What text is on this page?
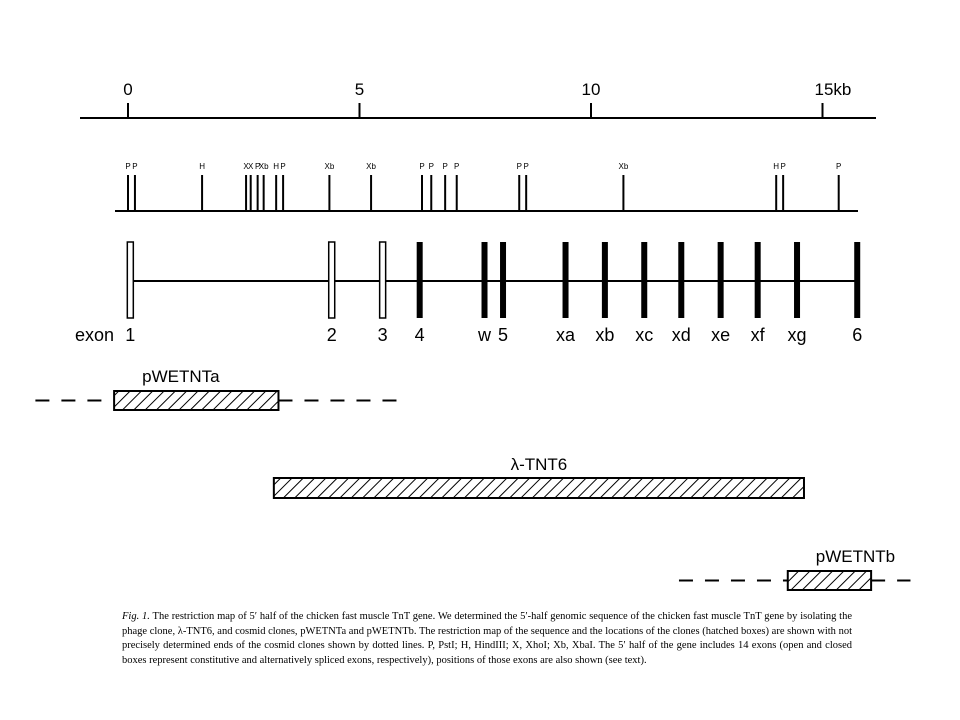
0	5	10	15kb
P P	H	X X P
Xb H P	Xb	Xb	P P P P	P P	Xb	H P	P
1	2 3 4	w 5	xa xb xc xd xe xf xg	6
exon
pWETNTa
λ-TNT6
pWETNTb

Fig. 1. The restriction map of 5′ half of the chicken fast muscle TnT gene. We determined the 5′-half genomic sequence of the chicken fast muscle TnT gene by isolating the phage clone, λ-TNT6, and cosmid clones, pWETNTa and pWETNTb. The restriction map of the sequence and the locations of the clones (hatched boxes) are shown with not precisely determined ends of the cosmid clones shown by dotted lines. P, PstI; H, HindIII; X, XhoI; Xb, XbaI. The 5′ half of the gene includes 14 exons (open and closed boxes represent constitutive and alternatively spliced exons, respectively), positions of those exons are also shown (see text).
